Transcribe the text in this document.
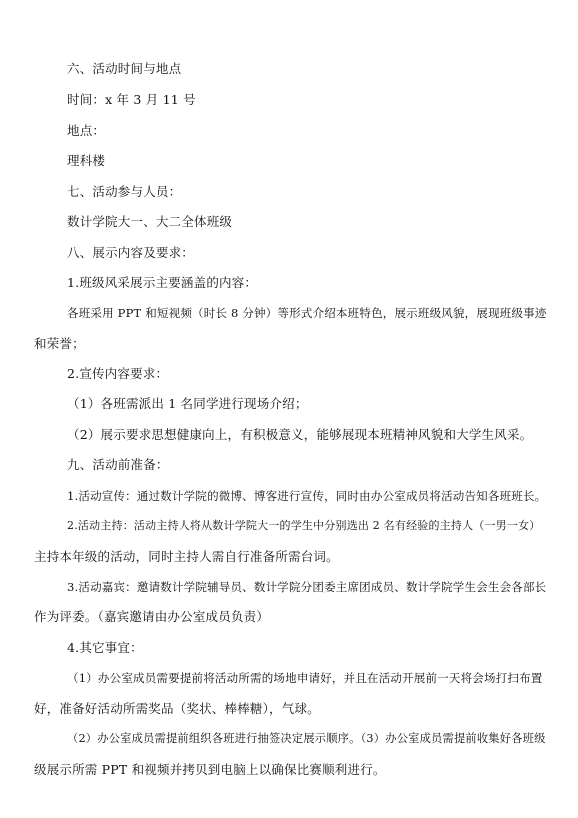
六、活动时间与地点
时间：x 年 3 月 11 号
地点：
理科楼
七、活动参与人员：
数计学院大一、大二全体班级
八、展示内容及要求：
1.班级风采展示主要涵盖的内容：
各班采用 PPT 和短视频（时长 8 分钟）等形式介绍本班特色，展示班级风貌，展现班级事迹
和荣誉；
2.宣传内容要求：
（1）各班需派出 1 名同学进行现场介绍；
（2）展示要求思想健康向上，有积极意义，能够展现本班精神风貌和大学生风采。
九、活动前准备：
1.活动宣传：通过数计学院的微博、博客进行宣传，同时由办公室成员将活动告知各班班长。
2.活动主持：活动主持人将从数计学院大一的学生中分别选出 2 名有经验的主持人（一男一女）
主持本年级的活动，同时主持人需自行准备所需台词。
3.活动嘉宾：邀请数计学院辅导员、数计学院分团委主席团成员、数计学院学生会生会各部长
作为评委。（嘉宾邀请由办公室成员负责）
4.其它事宜：
（1）办公室成员需要提前将活动所需的场地申请好，并且在活动开展前一天将会场打扫布置
好，准备好活动所需奖品（奖状、棒棒糖），气球。
（2）办公室成员需提前组织各班进行抽签决定展示顺序。（3）办公室成员需提前收集好各班级
级展示所需 PPT 和视频并拷贝到电脑上以确保比赛顺利进行。
